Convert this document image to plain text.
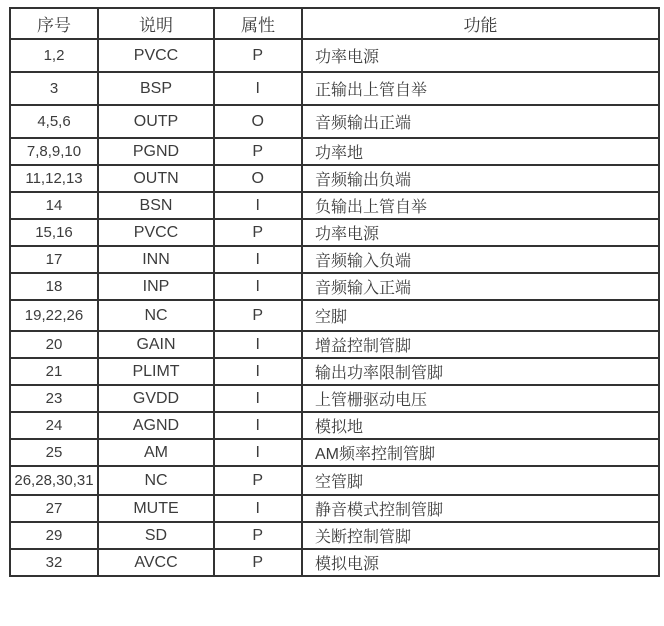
序号	说明	属性	功能
1,2	PVCC	P	功率电源
3	BSP	I	正输出上管自举
4,5,6	OUTP	O	音频输出正端
7,8,9,10	PGND	P	功率地
11,12,13	OUTN	O	音频输出负端
14	BSN	I	负输出上管自举
15,16	PVCC	P	功率电源
17	INN	I	音频输入负端
18	INP	I	音频输入正端
19,22,26	NC	P	空脚
20	GAIN	I	增益控制管脚
21	PLIMT	I	输出功率限制管脚
23	GVDD	I	上管栅驱动电压
24	AGND	I	模拟地
25	AM	I	AM频率控制管脚
26,28,30,31	NC	P	空管脚
27	MUTE	I	静音模式控制管脚
29	SD	P	关断控制管脚
32	AVCC	P	模拟电源
